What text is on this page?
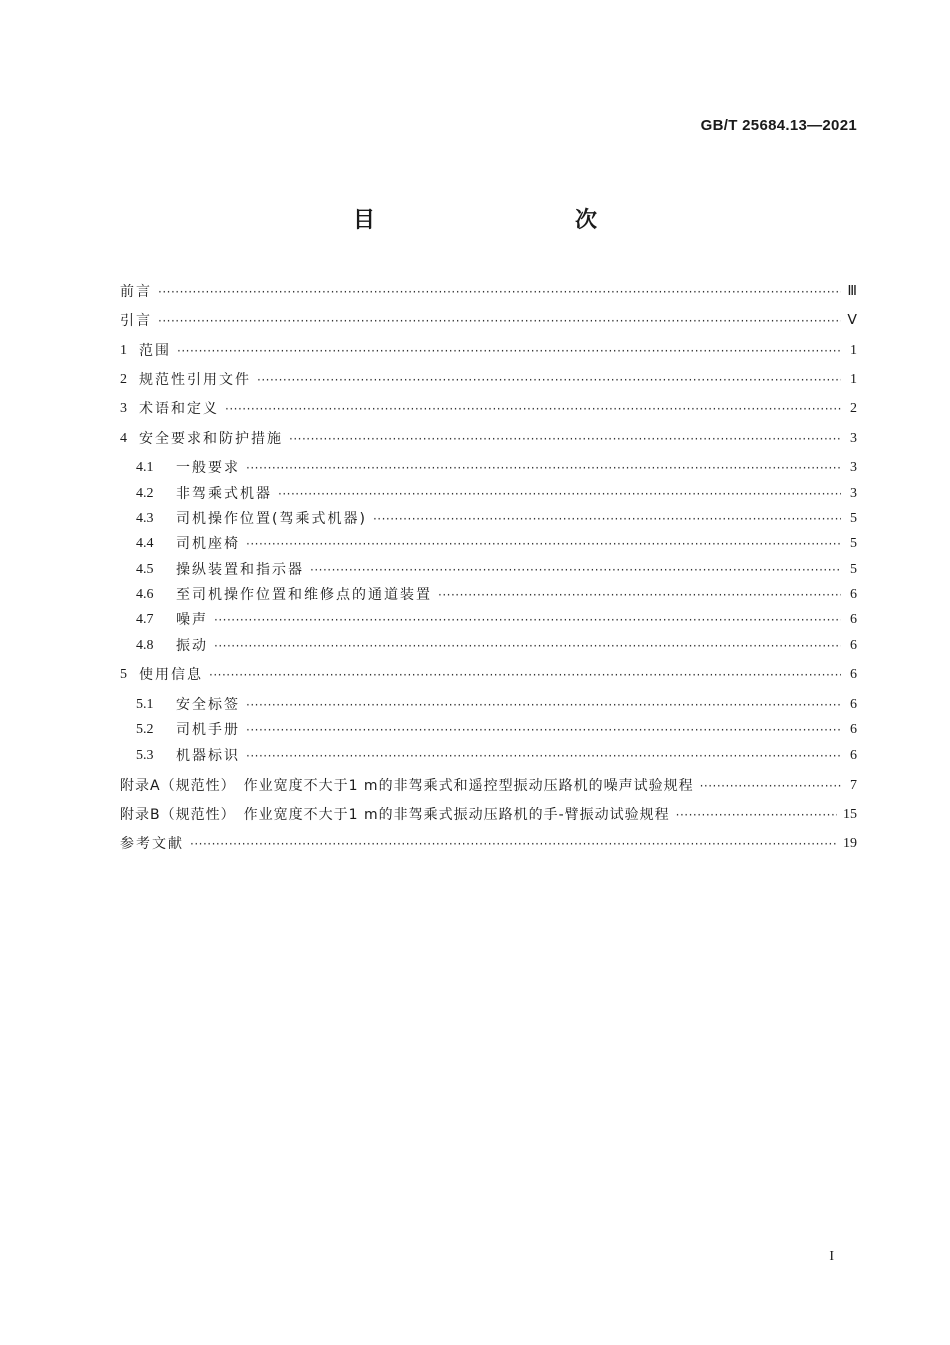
GB/T 25684.13—2021
目　　次
前言 ·····	Ⅲ
引言 ·····	Ⅴ
1 范围 ·····	1
2 规范性引用文件 ·····	1
3 术语和定义 ·····	2
4 安全要求和防护措施 ·····	3
4.1	一般要求 ·····	3
4.2	非驾乘式机器 ·····	3
4.3	司机操作位置(驾乘式机器) ·····	5
4.4	司机座椅 ·····	5
4.5	操纵装置和指示器 ·····	5
4.6	至司机操作位置和维修点的通道装置 ·····	6
4.7	噪声 ·····	6
4.8	振动 ·····	6
5 使用信息 ·····	6
5.1	安全标签 ·····	6
5.2	司机手册 ·····	6
5.3	机器标识 ·····	6
附录A（规范性）　作业宽度不大于1 m的非驾乘式和遥控型振动压路机的噪声试验规程 ·····	7
附录B（规范性）　作业宽度不大于1 m的非驾乘式振动压路机的手-臂振动试验规程 ·····	15
参考文献 ·····	19
I
